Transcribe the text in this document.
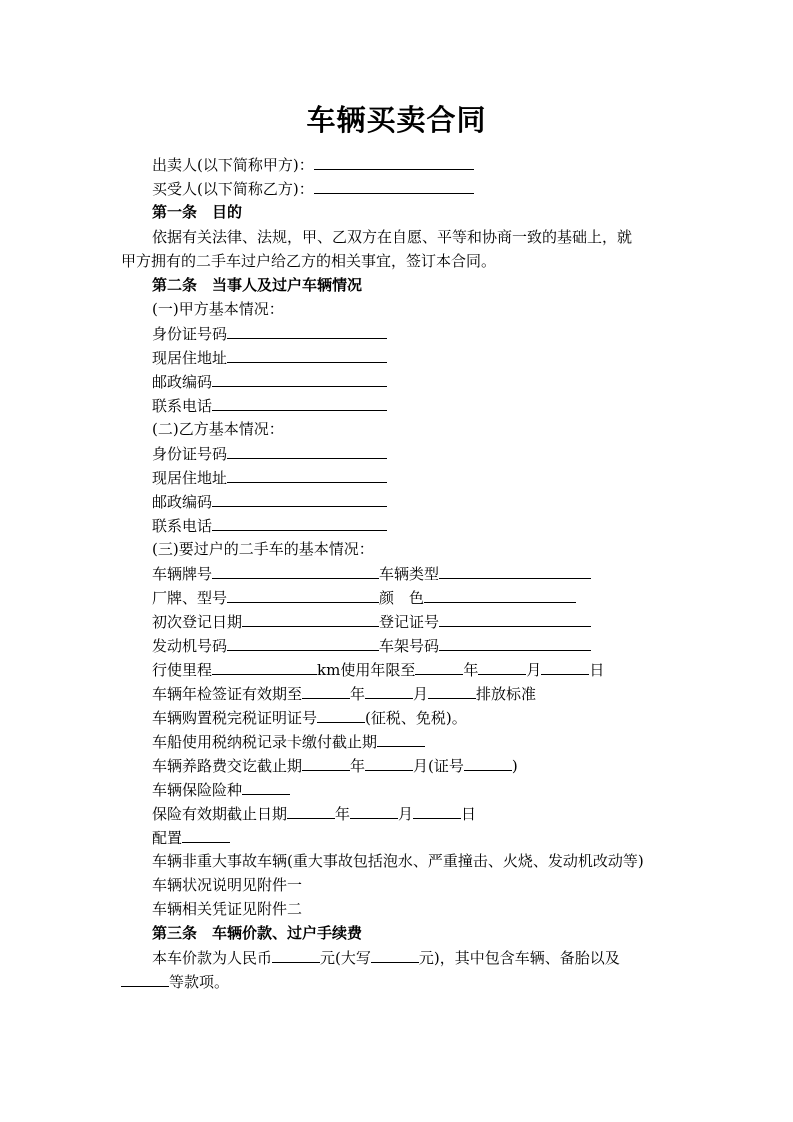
车辆买卖合同
出卖人(以下简称甲方)：
买受人(以下简称乙方)：
第一条　目的
依据有关法律、法规，甲、乙双方在自愿、平等和协商一致的基础上，就
甲方拥有的二手车过户给乙方的相关事宜，签订本合同。
第二条　当事人及过户车辆情况
(一)甲方基本情况：
身份证号码
现居住地址
邮政编码
联系电话
(二)乙方基本情况：
身份证号码
现居住地址
邮政编码
联系电话
(三)要过户的二手车的基本情况：
车辆牌号	车辆类型
厂牌、型号	颜　色
初次登记日期	登记证号
发动机号码	车架号码
行使里程	km使用年限至	年	月	日
车辆年检签证有效期至	年	月	排放标准
车辆购置税完税证明证号	(征税、免税)。
车船使用税纳税记录卡缴付截止期
车辆养路费交讫截止期	年	月(证号	)
车辆保险险种
保险有效期截止日期	年	月	日
配置
车辆非重大事故车辆(重大事故包括泡水、严重撞击、火烧、发动机改动等)
车辆状况说明见附件一
车辆相关凭证见附件二
第三条　车辆价款、过户手续费
本车价款为人民币	元(大写	元)，其中包含车辆、备胎以及
等款项。
